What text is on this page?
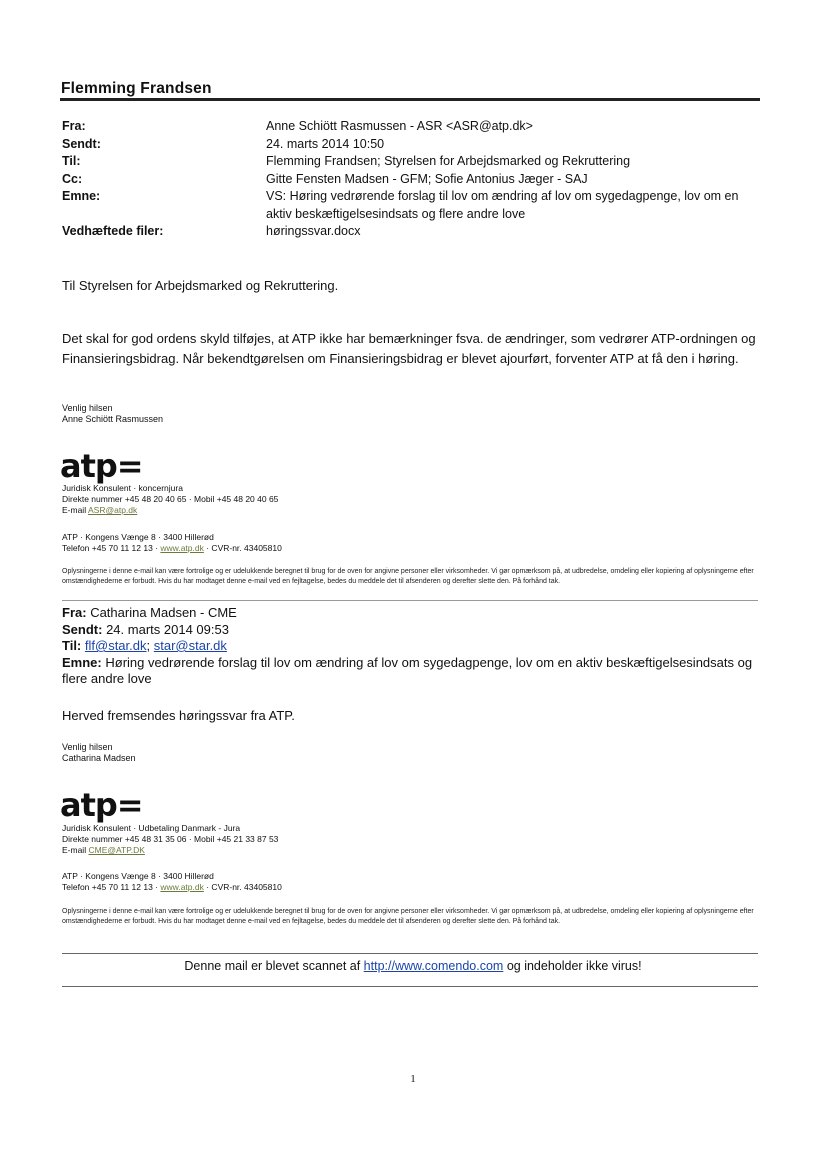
Flemming Frandsen
Fra:	Anne Schiött Rasmussen - ASR <ASR@atp.dk>
Sendt:	24. marts 2014 10:50
Til:	Flemming Frandsen; Styrelsen for Arbejdsmarked og Rekruttering
Cc:	Gitte Fensten Madsen - GFM; Sofie Antonius Jæger - SAJ
Emne:	VS: Høring vedrørende forslag til lov om ændring af lov om sygedagpenge, lov om en aktiv beskæftigelsesindsats og flere andre love
Vedhæftede filer:	høringssvar.docx
Til Styrelsen for Arbejdsmarked og Rekruttering.
Det skal for god ordens skyld tilføjes, at ATP ikke har bemærkninger fsva. de ændringer, som vedrører ATP-ordningen og Finansieringsbidrag. Når bekendtgørelsen om Finansieringsbidrag er blevet ajourført, forventer ATP at få den i høring.
Venlig hilsen
Anne Schiött Rasmussen
atp=
Juridisk Konsulent · koncernjura
Direkte nummer +45 48 20 40 65 · Mobil +45 48 20 40 65
E-mail ASR@atp.dk
ATP · Kongens Vænge 8 · 3400 Hillerød
Telefon +45 70 11 12 13 · www.atp.dk · CVR-nr. 43405810
Oplysningerne i denne e-mail kan være fortrolige og er udelukkende beregnet til brug for de oven for angivne personer eller virksomheder. Vi gør opmærksom på, at udbredelse, omdeling eller kopiering af oplysningerne efter omstændighederne er forbudt. Hvis du har modtaget denne e-mail ved en fejltagelse, bedes du meddele det til afsenderen og derefter slette den. På forhånd tak.
Fra: Catharina Madsen - CME
Sendt: 24. marts 2014 09:53
Til: flf@star.dk; star@star.dk
Emne: Høring vedrørende forslag til lov om ændring af lov om sygedagpenge, lov om en aktiv beskæftigelsesindsats og flere andre love
Herved fremsendes høringssvar fra ATP.
Venlig hilsen
Catharina Madsen
atp=
Juridisk Konsulent · Udbetaling Danmark - Jura
Direkte nummer +45 48 31 35 06 · Mobil +45 21 33 87 53
E-mail CME@ATP.DK
ATP · Kongens Vænge 8 · 3400 Hillerød
Telefon +45 70 11 12 13 · www.atp.dk · CVR-nr. 43405810
Oplysningerne i denne e-mail kan være fortrolige og er udelukkende beregnet til brug for de oven for angivne personer eller virksomheder. Vi gør opmærksom på, at udbredelse, omdeling eller kopiering af oplysningerne efter omstændighederne er forbudt. Hvis du har modtaget denne e-mail ved en fejltagelse, bedes du meddele det til afsenderen og derefter slette den. På forhånd tak.
Denne mail er blevet scannet af http://www.comendo.com og indeholder ikke virus!
1
